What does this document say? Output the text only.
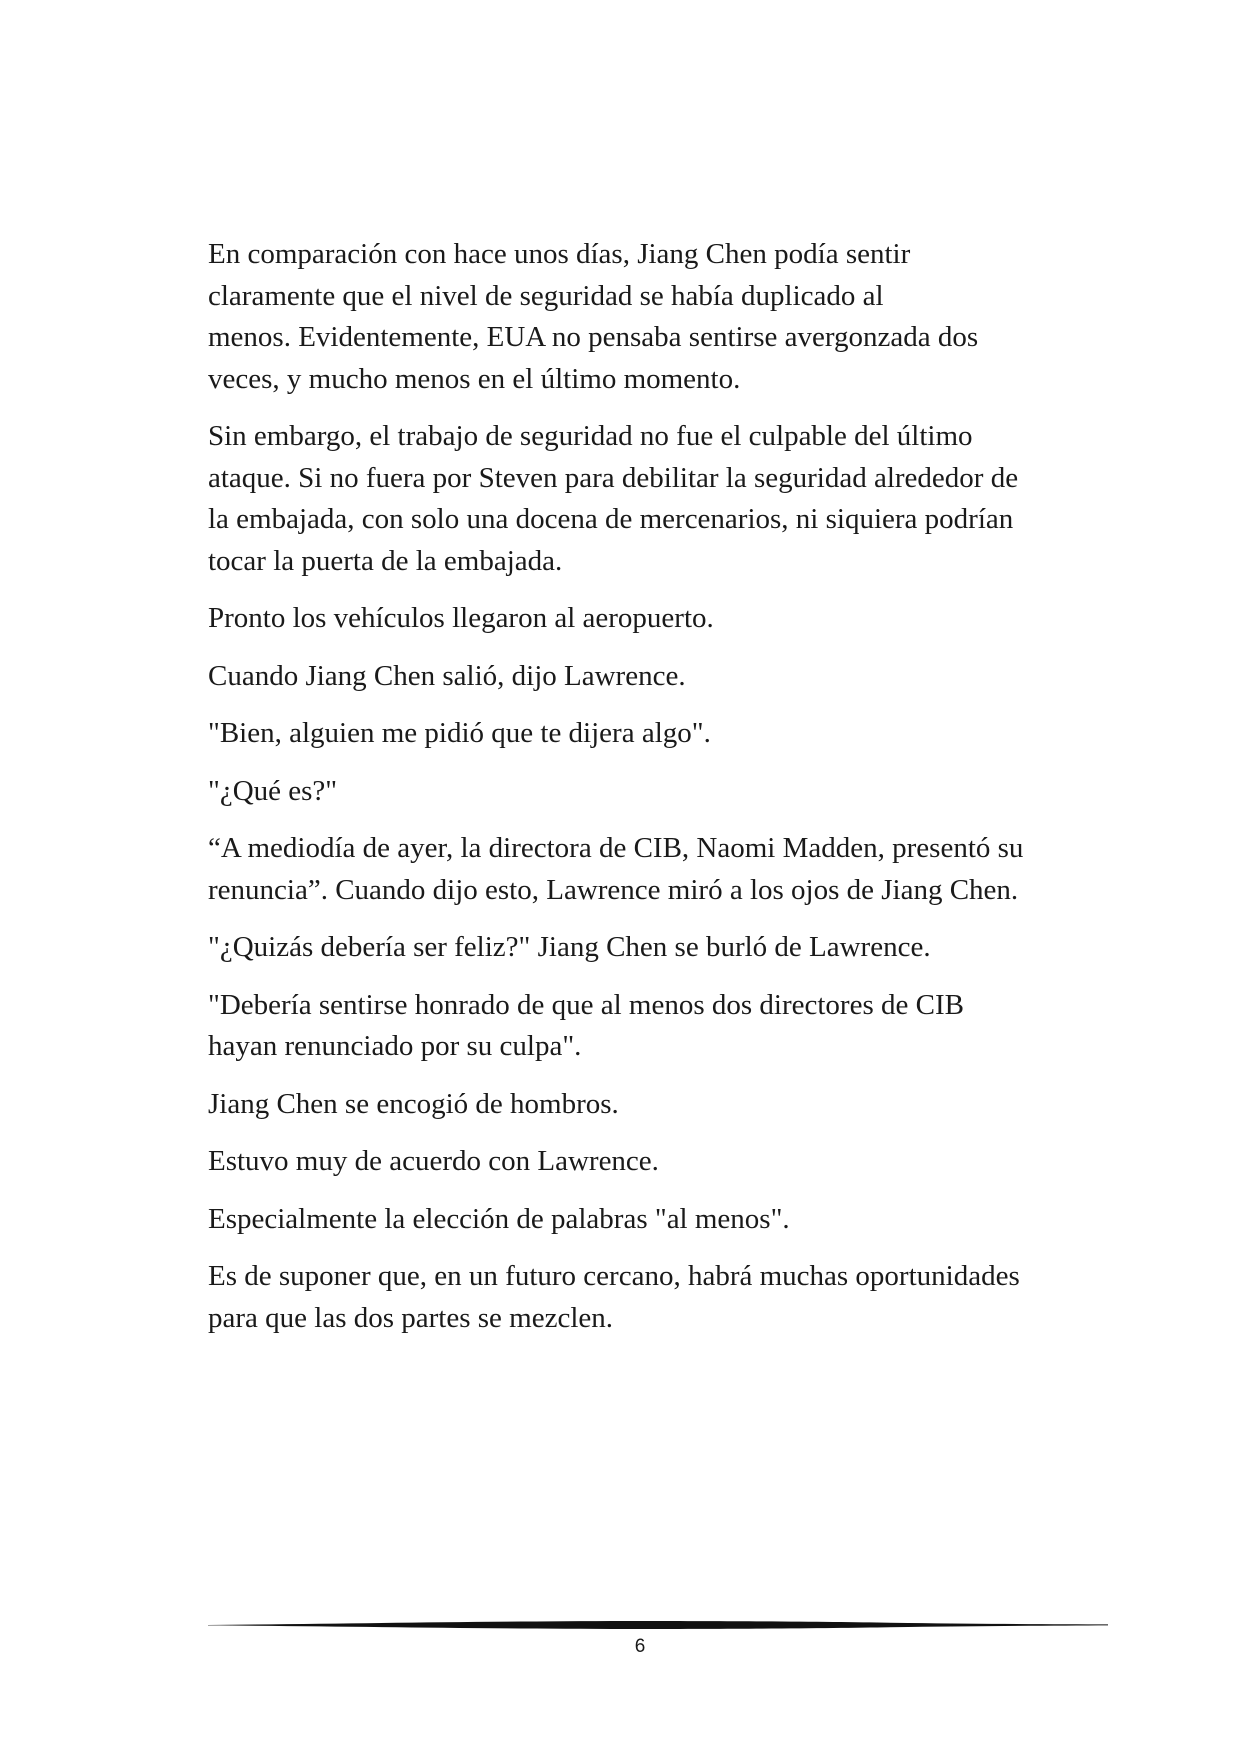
En comparación con hace unos días, Jiang Chen podía sentir
claramente que el nivel de seguridad se había duplicado al
menos. Evidentemente, EUA no pensaba sentirse avergonzada dos
veces, y mucho menos en el último momento.

Sin embargo, el trabajo de seguridad no fue el culpable del último
ataque. Si no fuera por Steven para debilitar la seguridad alrededor de
la embajada, con solo una docena de mercenarios, ni siquiera podrían
tocar la puerta de la embajada.

Pronto los vehículos llegaron al aeropuerto.

Cuando Jiang Chen salió, dijo Lawrence.

"Bien, alguien me pidió que te dijera algo".

"¿Qué es?"

“A mediodía de ayer, la directora de CIB, Naomi Madden, presentó su
renuncia”. Cuando dijo esto, Lawrence miró a los ojos de Jiang Chen.

"¿Quizás debería ser feliz?" Jiang Chen se burló de Lawrence.

"Debería sentirse honrado de que al menos dos directores de CIB
hayan renunciado por su culpa".

Jiang Chen se encogió de hombros.

Estuvo muy de acuerdo con Lawrence.

Especialmente la elección de palabras "al menos".

Es de suponer que, en un futuro cercano, habrá muchas oportunidades
para que las dos partes se mezclen.

6
